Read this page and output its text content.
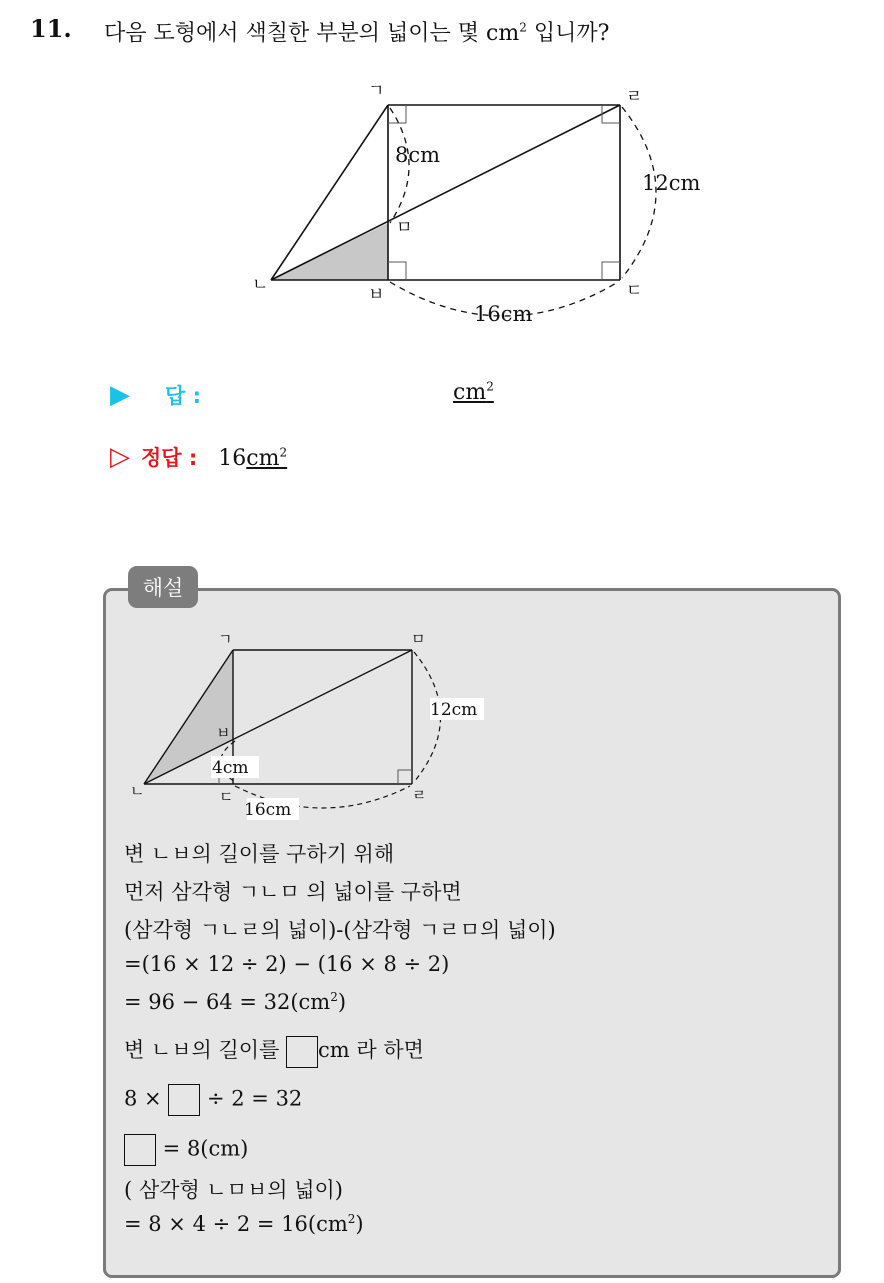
11. 다음 도형에서 색칠한 부분의 넓이는 몇 $cm^2$ 입니까?
ㄱ	ㄹ
ㅁ
ㄴ	ㅂ	ㄷ
8cm
12cm
16cm
▶ 답 :	$cm^2$
▷ 정답 : $16cm^2$
해설
ㄱ	ㅁ
ㅂ
ㄴ	ㄷ	ㄹ
12cm
4cm
16cm
변 ㄴㅂ의 길이를 구하기 위해
먼저 삼각형 ㄱㄴㅁ 의 넓이를 구하면
(삼각형 ㄱㄴㄹ의 넓이)-(삼각형 ㄱㄹㅁ의 넓이)
=(16 × 12 ÷ 2) − (16 × 8 ÷ 2)
= $96 - 64 = 32(cm^2)$
변 ㄴㅂ의 길이를 cm 라 하면
8 ×  ÷ 2 = 32
= 8(cm)
( 삼각형 ㄴㅁㅂ의 넓이)
= $8 \times 4 \div 2 = 16(cm^2)$
